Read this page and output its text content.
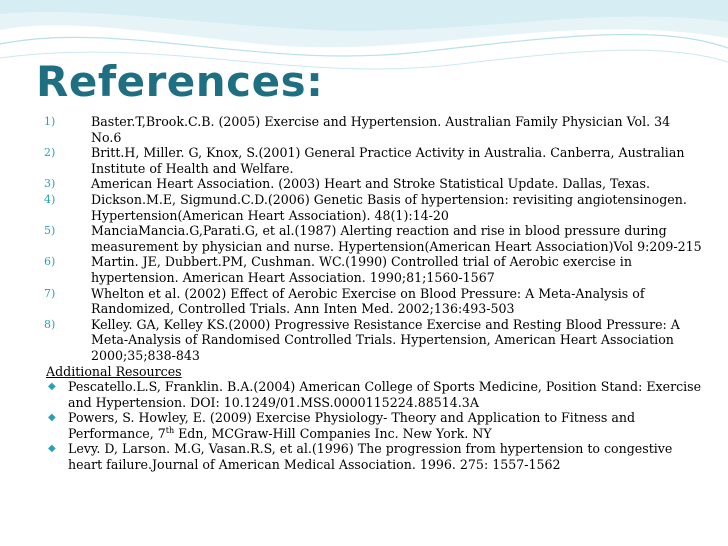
References:
1)	Baster.T,Brook.C.B. (2005) Exercise and Hypertension. Australian Family Physician Vol. 34 No.6
2)	Britt.H, Miller. G, Knox, S.(2001) General Practice Activity in Australia. Canberra, Australian Institute of Health and Welfare.
3)	American Heart Association. (2003) Heart and Stroke Statistical Update. Dallas, Texas.
4)	Dickson.M.E, Sigmund.C.D.(2006) Genetic Basis of hypertension: revisiting angiotensinogen. Hypertension(American Heart Association). 48(1):14-20
5)	ManciaMancia.G,Parati.G, et al.(1987) Alerting reaction and rise in blood pressure during measurement by physician and nurse. Hypertension(American Heart Association)Vol 9:209-215
6)	Martin. JE, Dubbert.PM, Cushman. WC.(1990) Controlled trial of Aerobic exercise in hypertension. American Heart Association. 1990;81;1560-1567
7)	Whelton et al. (2002) Effect of Aerobic Exercise on Blood Pressure: A Meta-Analysis of Randomized, Controlled Trials. Ann Inten Med. 2002;136:493-503
8)	Kelley. GA, Kelley KS.(2000) Progressive Resistance Exercise and Resting Blood Pressure: A Meta-Analysis of Randomised Controlled Trials. Hypertension, American Heart Association 2000;35;838-843

Additional Resources

◆ Pescatello.L.S, Franklin. B.A.(2004) American College of Sports Medicine, Position Stand: Exercise and Hypertension. DOI: 10.1249/01.MSS.0000115224.88514.3A
◆ Powers, S. Howley, E. (2009) Exercise Physiology- Theory and Application to Fitness and Performance, 7th Edn, MCGraw-Hill Companies Inc. New York. NY
◆ Levy. D, Larson. M.G, Vasan.R.S, et al.(1996) The progression from hypertension to congestive heart failure.Journal of American Medical Association. 1996. 275: 1557-1562
